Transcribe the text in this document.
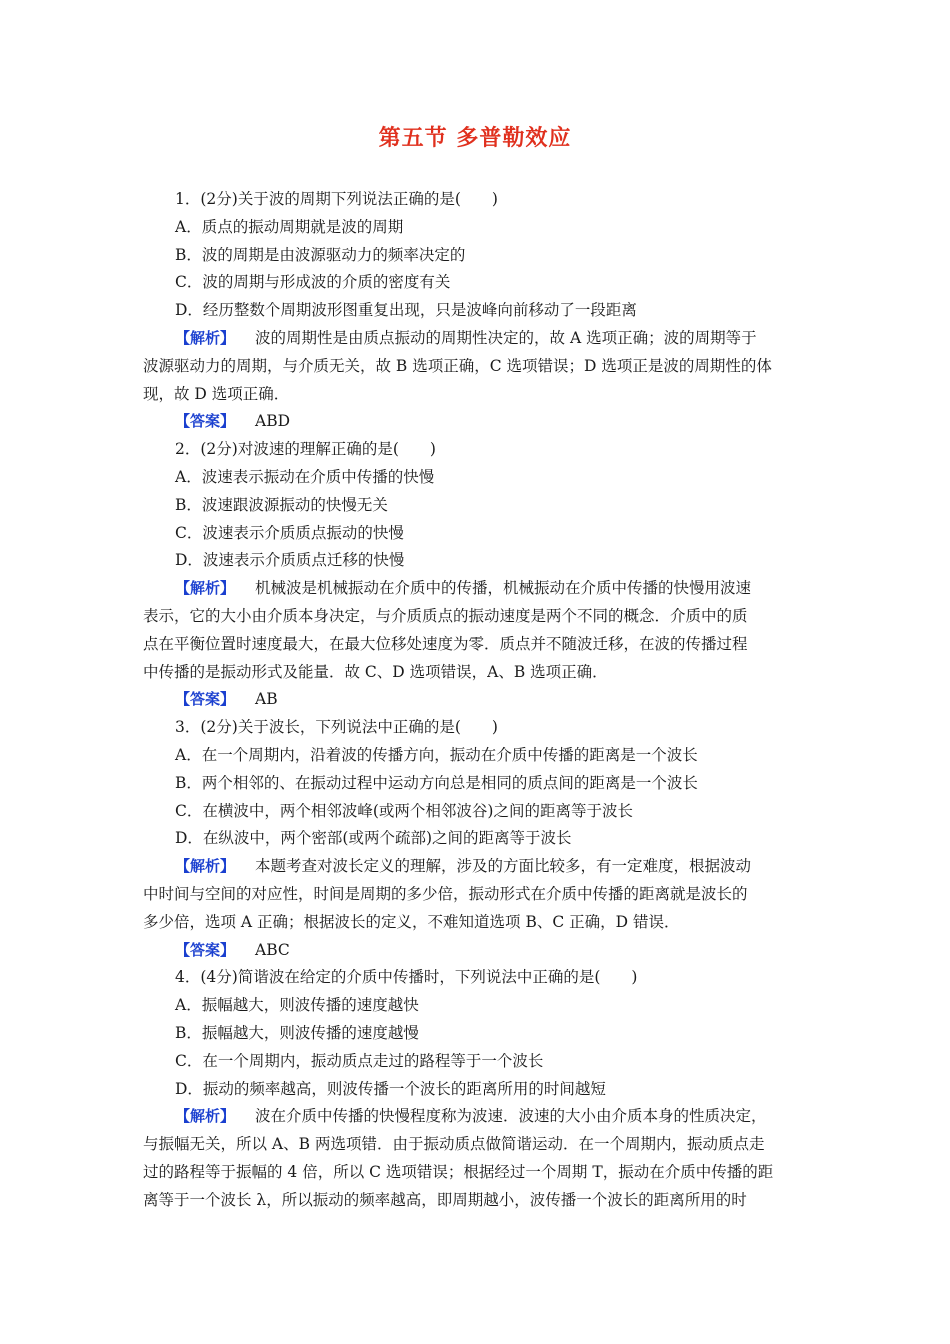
第五节 多普勒效应
1．(2分)关于波的周期下列说法正确的是(　　)
A．质点的振动周期就是波的周期
B．波的周期是由波源驱动力的频率决定的
C．波的周期与形成波的介质的密度有关
D．经历整数个周期波形图重复出现，只是波峰向前移动了一段距离
【解析】 波的周期性是由质点振动的周期性决定的，故 A 选项正确；波的周期等于
波源驱动力的周期，与介质无关，故 B 选项正确，C 选项错误；D 选项正是波的周期性的体
现，故 D 选项正确．
【答案】 ABD
2．(2分)对波速的理解正确的是(　　)
A．波速表示振动在介质中传播的快慢
B．波速跟波源振动的快慢无关
C．波速表示介质质点振动的快慢
D．波速表示介质质点迁移的快慢
【解析】 机械波是机械振动在介质中的传播，机械振动在介质中传播的快慢用波速
表示，它的大小由介质本身决定，与介质质点的振动速度是两个不同的概念．介质中的质
点在平衡位置时速度最大，在最大位移处速度为零．质点并不随波迁移，在波的传播过程
中传播的是振动形式及能量．故 C、D 选项错误，A、B 选项正确．
【答案】 AB
3．(2分)关于波长，下列说法中正确的是(　　)
A．在一个周期内，沿着波的传播方向，振动在介质中传播的距离是一个波长
B．两个相邻的、在振动过程中运动方向总是相同的质点间的距离是一个波长
C．在横波中，两个相邻波峰(或两个相邻波谷)之间的距离等于波长
D．在纵波中，两个密部(或两个疏部)之间的距离等于波长
【解析】 本题考查对波长定义的理解，涉及的方面比较多，有一定难度，根据波动
中时间与空间的对应性，时间是周期的多少倍，振动形式在介质中传播的距离就是波长的
多少倍，选项 A 正确；根据波长的定义，不难知道选项 B、C 正确，D 错误．
【答案】 ABC
4．(4分)简谐波在给定的介质中传播时，下列说法中正确的是(　　)
A．振幅越大，则波传播的速度越快
B．振幅越大，则波传播的速度越慢
C．在一个周期内，振动质点走过的路程等于一个波长
D．振动的频率越高，则波传播一个波长的距离所用的时间越短
【解析】 波在介质中传播的快慢程度称为波速．波速的大小由介质本身的性质决定，
与振幅无关，所以 A、B 两选项错．由于振动质点做简谐运动．在一个周期内，振动质点走
过的路程等于振幅的 4 倍，所以 C 选项错误；根据经过一个周期 T，振动在介质中传播的距
离等于一个波长 λ，所以振动的频率越高，即周期越小，波传播一个波长的距离所用的时
